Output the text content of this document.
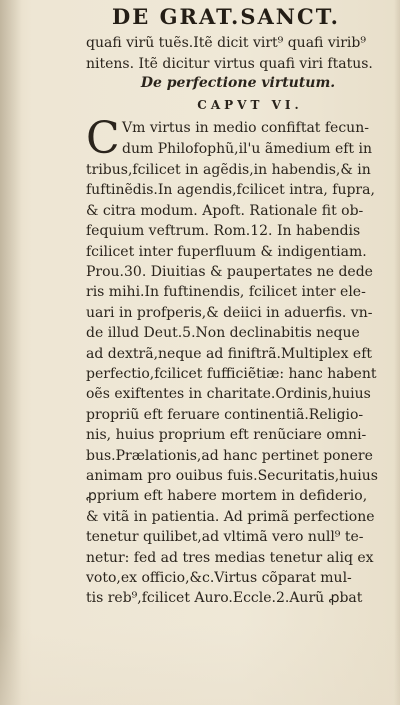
DE GRAT.SANCT.
quafi virũ tuẽs.Itẽ dicit virt⁹ quafi virib⁹
nitens. Itẽ dicitur virtus quafi viri ftatus.
De perfectione virtutum.
CAPVT VI.
C Vm virtus in medio confiftat fecun-
dum Philofophũ,il'u ãmedium eft in
tribus,fcilicet in agẽdis,in habendis,& in
fuftinẽdis.In agendis,fcilicet intra, fupra,
& citra modum. Apoft. Rationale fit ob-
fequium veftrum. Rom.12. In habendis
fcilicet inter fuperfluum & indigentiam.
Prou.30. Diuitias & paupertates ne dede
ris mihi.In fuftinendis, fcilicet inter ele-
uari in profperis,& deiici in aduerfis. vn-
de illud Deut.5.Non declinabitis neque
ad dextrã,neque ad finiftrã.Multiplex eft
perfectio,fcilicet fufficiẽtiæ: hanc habent
oẽs exiftentes in charitate.Ordinis,huius
propriũ eft feruare continentiã.Religio-
nis, huius proprium eft renũciare omni-
bus.Prælationis,ad hanc pertinet ponere
animam pro ouibus fuis.Securitatis,huius
ꝓprium eft habere mortem in defiderio,
& vitã in patientia. Ad primã perfectione
tenetur quilibet,ad vltimã vero null⁹ te-
netur: fed ad tres medias tenetur aliq ex
voto,ex officio,&c.Virtus cõparat mul-
tis reb⁹,fcilicet Auro.Eccle.2.Aurũ ꝓbat
